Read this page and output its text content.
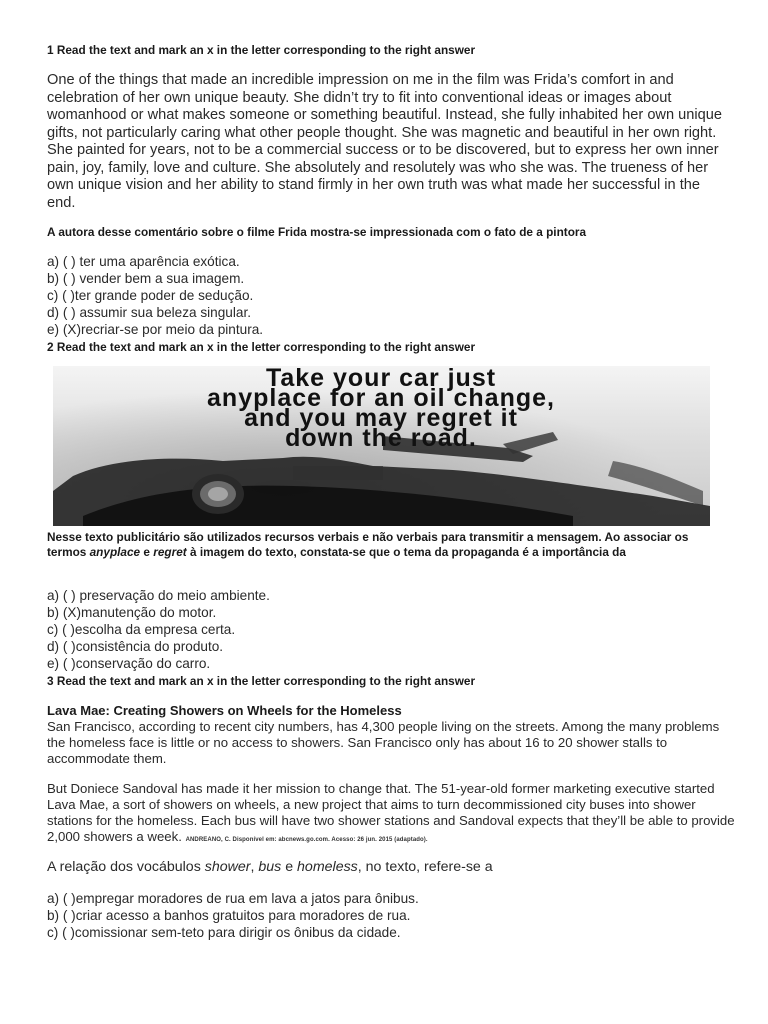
1 Read the text and mark an x in the letter corresponding to the right answer

One of the things that made an incredible impression on me in the film was Frida’s comfort in and celebration of her own unique beauty. She didn’t try to fit into conventional ideas or images about womanhood or what makes someone or something beautiful. Instead, she fully inhabited her own unique gifts, not particularly caring what other people thought. She was magnetic and beautiful in her own right. She painted for years, not to be a commercial success or to be discovered, but to express her own inner pain, joy, family, love and culture. She absolutely and resolutely was who she was. The trueness of her own unique vision and her ability to stand firmly in her own truth was what made her successful in the end.

A autora desse comentário sobre o filme Frida mostra-se impressionada com o fato de a pintora

a) ( ) ter uma aparência exótica.
b) ( ) vender bem a sua imagem.
c) ( )ter grande poder de sedução.
d) ( ) assumir sua beleza singular.
e) (X)recriar-se por meio da pintura.
2 Read the text and mark an x in the letter corresponding to the right answer
Take your car just
anyplace for an oil change,
and you may regret it
down the road.

Nesse texto publicitário são utilizados recursos verbais e não verbais para transmitir a mensagem. Ao associar os termos anyplace e regret à imagem do texto, constata-se que o tema da propaganda é a importância da

a) ( ) preservação do meio ambiente.
b) (X)manutenção do motor.
c) ( )escolha da empresa certa.
d) ( )consistência do produto.
e) ( )conservação do carro.
3 Read the text and mark an x in the letter corresponding to the right answer
Lava Mae: Creating Showers on Wheels for the Homeless

San Francisco, according to recent city numbers, has 4,300 people living on the streets. Among the many problems the homeless face is little or no access to showers. San Francisco only has about 16 to 20 shower stalls to accommodate them.

But Doniece Sandoval has made it her mission to change that. The 51-year-old former marketing executive started Lava Mae, a sort of showers on wheels, a new project that aims to turn decommissioned city buses into shower stations for the homeless. Each bus will have two shower stations and Sandoval expects that they’ll be able to provide 2,000 showers a week. ANDREANO, C. Disponível em: abcnews.go.com. Acesso: 26 jun. 2015 (adaptado).

A relação dos vocábulos shower, bus e homeless, no texto, refere-se a
a) ( )empregar moradores de rua em lava a jatos para ônibus.
b) ( )criar acesso a banhos gratuitos para moradores de rua.
c) ( )comissionar sem-teto para dirigir os ônibus da cidade.
